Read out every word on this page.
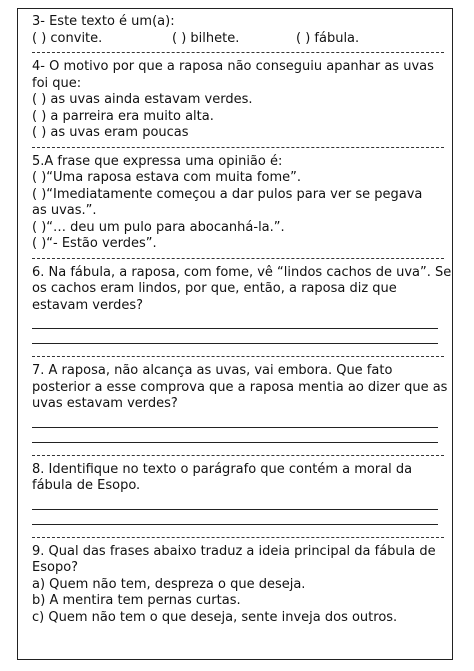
3- Este texto é um(a):
( ) convite.	( ) bilhete.	( ) fábula.
4- O motivo por que a raposa não conseguiu apanhar as uvas
foi que:
( ) as uvas ainda estavam verdes.
( ) a parreira era muito alta.
( ) as uvas eram poucas
5.A frase que expressa uma opinião é:
( )“Uma raposa estava com muita fome”.
( )“Imediatamente começou a dar pulos para ver se pegava
as uvas.”.
( )“… deu um pulo para abocanhá-la.”.
( )“- Estão verdes”.
6. Na fábula, a raposa, com fome, vê “lindos cachos de uva”. Se
os cachos eram lindos, por que, então, a raposa diz que
estavam verdes?
7. A raposa, não alcança as uvas, vai embora. Que fato
posterior a esse comprova que a raposa mentia ao dizer que as
uvas estavam verdes?
8. Identifique no texto o parágrafo que contém a moral da
fábula de Esopo.
9. Qual das frases abaixo traduz a ideia principal da fábula de
Esopo?
a) Quem não tem, despreza o que deseja.
b) A mentira tem pernas curtas.
c) Quem não tem o que deseja, sente inveja dos outros.
